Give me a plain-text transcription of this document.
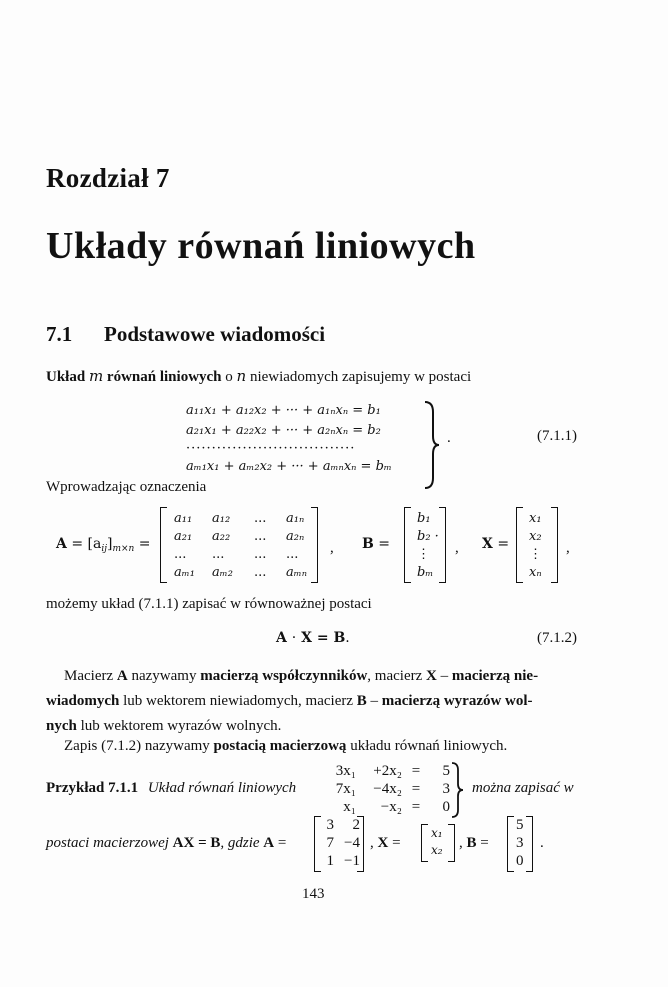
Rozdział 7
Układy równań liniowych
7.1 Podstawowe wiadomości
Układ m równań liniowych o n niewiadomych zapisujemy w postaci
a₁₁x₁ + a₁₂x₂ + ··· + a₁ₙxₙ = b₁
a₂₁x₁ + a₂₂x₂ + ··· + a₂ₙxₙ = b₂
·································
aₘ₁x₁ + aₘ₂x₂ + ··· + aₘₙxₙ = bₘ
.	(7.1.1)
Wprowadzając oznaczenia
$A = [a_{ij}]_{m\times n}$ =
a₁₁	a₁₂	...	a₁ₙ
a₂₁	a₂₂	...	a₂ₙ
...	...	...	...
aₘ₁	aₘ₂	...	aₘₙ
, B =
b₁
b₂ ·
⋮
bₘ
, X =
x₁
x₂
⋮
xₙ
,
możemy układ (7.1.1) zapisać w równoważnej postaci
A · X = B.	(7.1.2)
Macierz A nazywamy macierzą współczynników, macierz X – macierzą nie-
wiadomych lub wektorem niewiadomych, macierz B – macierzą wyrazów wol-
nych lub wektorem wyrazów wolnych.
Zapis (7.1.2) nazywamy postacią macierzową układu równań liniowych.
Przykład 7.1.1 Układ równań liniowych
3x₁	+2x₂ =	5
7x₁	−4x₂ =	3
x₁	−x₂ =	0
można zapisać w
postaci macierzowej AX = B, gdzie A =
3	2
7 −4
1 −1
, X =
x₁
x₂ , B =
5
3
0
.
143
